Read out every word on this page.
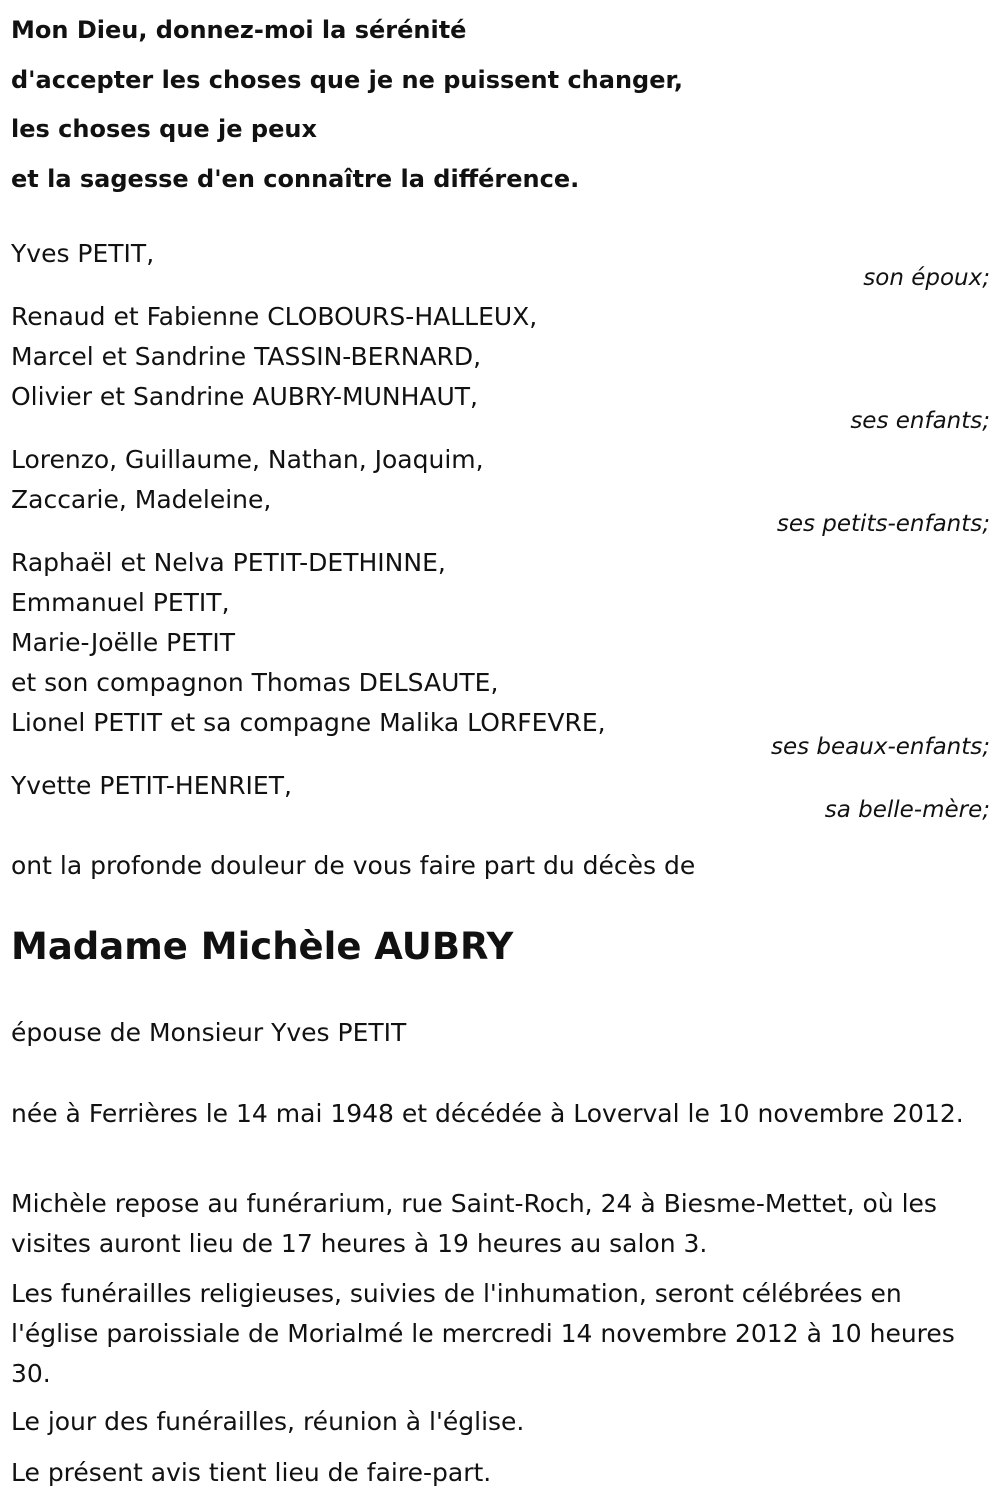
Mon Dieu, donnez-moi la sérénité
d'accepter les choses que je ne puissent changer,
les choses que je peux
et la sagesse d'en connaître la différence.
Yves PETIT,
son époux;
Renaud et Fabienne CLOBOURS-HALLEUX,
Marcel et Sandrine TASSIN-BERNARD,
Olivier et Sandrine AUBRY-MUNHAUT,
ses enfants;
Lorenzo, Guillaume, Nathan, Joaquim,
Zaccarie, Madeleine,
ses petits-enfants;
Raphaël et Nelva PETIT-DETHINNE,
Emmanuel PETIT,
Marie-Joëlle PETIT
et son compagnon Thomas DELSAUTE,
Lionel PETIT et sa compagne Malika LORFEVRE,
ses beaux-enfants;
Yvette PETIT-HENRIET,
sa belle-mère;
ont la profonde douleur de vous faire part du décès de
Madame Michèle AUBRY
épouse de Monsieur Yves PETIT
née à Ferrières le 14 mai 1948 et décédée à Loverval le 10 novembre 2012.
Michèle repose au funérarium, rue Saint-Roch, 24 à Biesme-Mettet, où les visites auront lieu de 17 heures à 19 heures au salon 3.
Les funérailles religieuses, suivies de l'inhumation, seront célébrées en l'église paroissiale de Morialmé le mercredi 14 novembre 2012 à 10 heures 30.
Le jour des funérailles, réunion à l'église.
Le présent avis tient lieu de faire-part.
